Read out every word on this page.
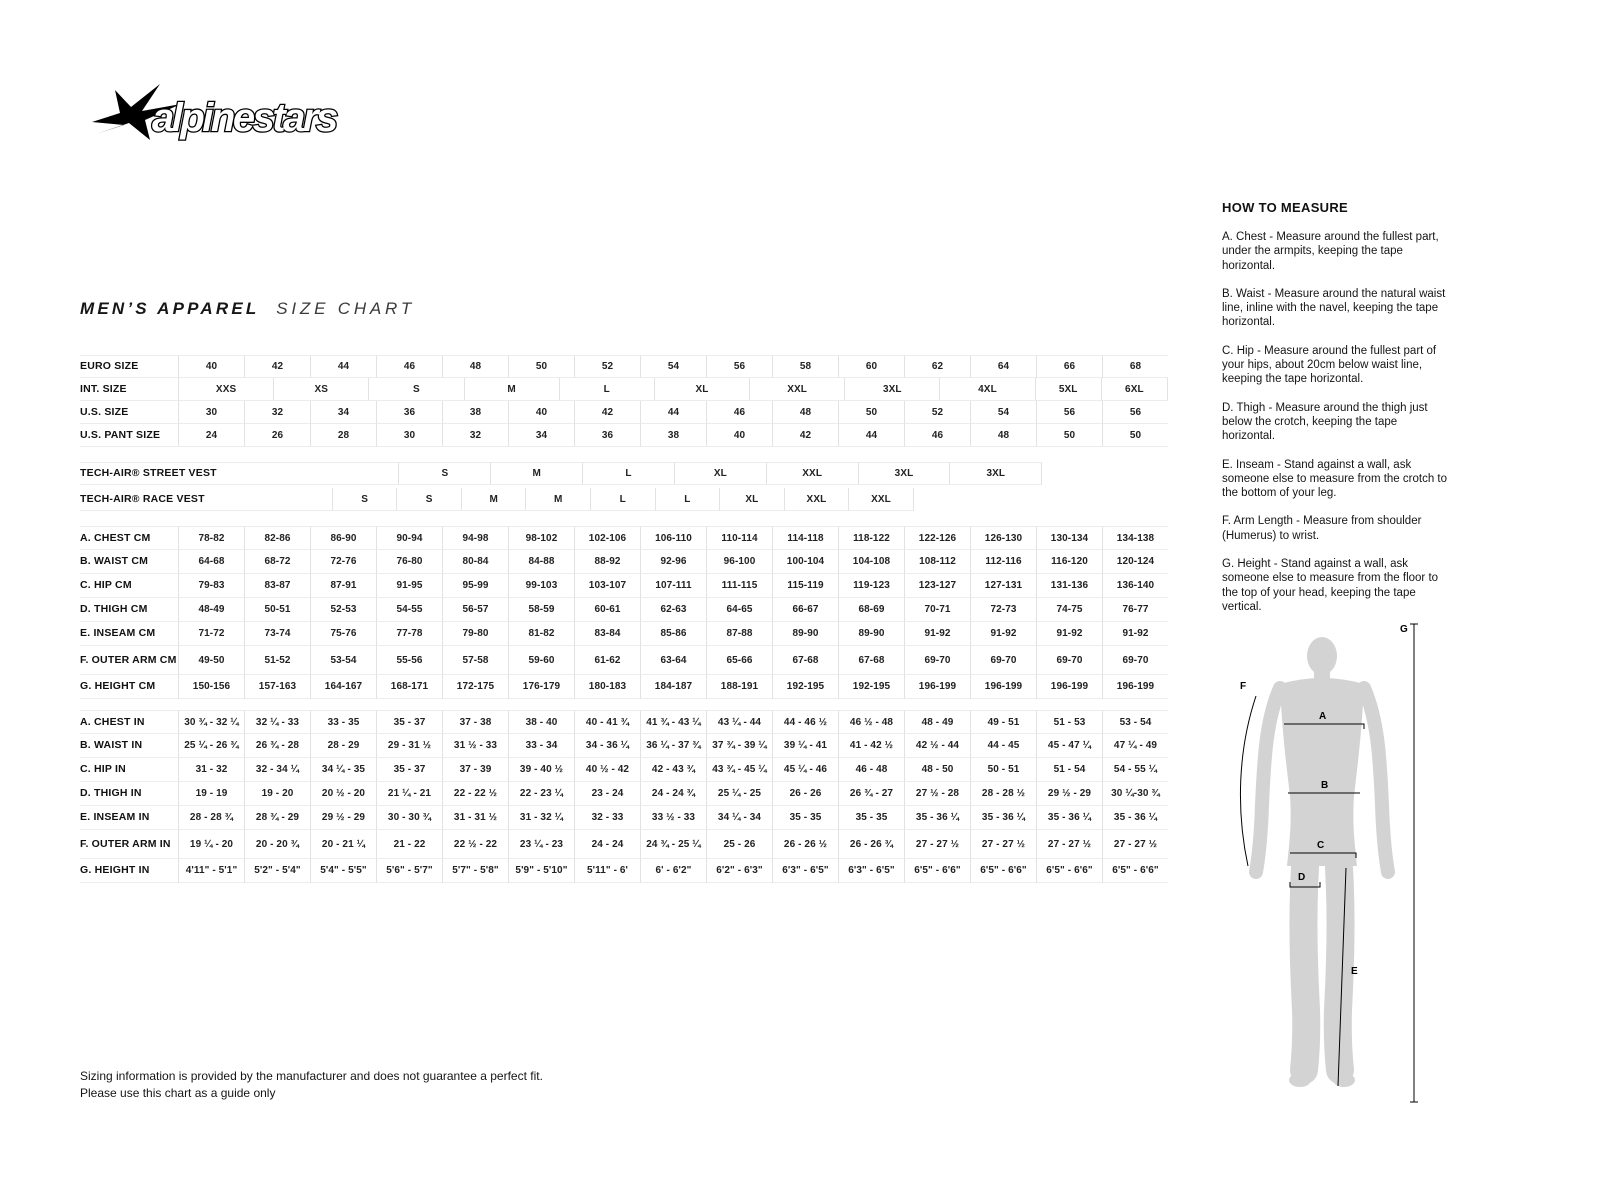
alpinestars
MEN’S APPAREL SIZE CHART
EURO SIZE	40	42	44	46	48	50	52	54	56	58	60	62	64	66	68
INT. SIZE	XXS	XS	S	M	L	XL	XXL	3XL	4XL	5XL	6XL
U.S. SIZE	30	32	34	36	38	40	42	44	46	48	50	52	54	56	56
U.S. PANT SIZE	24	26	28	30	32	34	36	38	40	42	44	46	48	50	50
TECH-AIR® STREET VEST	S	M	L	XL	XXL	3XL	3XL
TECH-AIR® RACE VEST	S	S	M	M	L	L	XL	XXL	XXL
A. CHEST CM	78-82	82-86	86-90	90-94	94-98	98-102	102-106	106-110	110-114	114-118	118-122	122-126	126-130	130-134	134-138
B. WAIST CM	64-68	68-72	72-76	76-80	80-84	84-88	88-92	92-96	96-100	100-104	104-108	108-112	112-116	116-120	120-124
C. HIP CM	79-83	83-87	87-91	91-95	95-99	99-103	103-107	107-111	111-115	115-119	119-123	123-127	127-131	131-136	136-140
D. THIGH CM	48-49	50-51	52-53	54-55	56-57	58-59	60-61	62-63	64-65	66-67	68-69	70-71	72-73	74-75	76-77
E. INSEAM CM	71-72	73-74	75-76	77-78	79-80	81-82	83-84	85-86	87-88	89-90	89-90	91-92	91-92	91-92	91-92
F. OUTER ARM CM	49-50	51-52	53-54	55-56	57-58	59-60	61-62	63-64	65-66	67-68	67-68	69-70	69-70	69-70	69-70
G. HEIGHT CM	150-156	157-163	164-167	168-171	172-175	176-179	180-183	184-187	188-191	192-195	192-195	196-199	196-199	196-199	196-199
A. CHEST IN	30 ¾ - 32 ¼	32 ¼ - 33	33 - 35	35 - 37	37 - 38	38 - 40	40 - 41 ¾	41 ¾ - 43 ¼	43 ¼ - 44	44 - 46 ½	46 ½ - 48	48 - 49	49 - 51	51 - 53	53 - 54
B. WAIST IN	25 ¼ - 26 ¾	26 ¾ - 28	28 - 29	29 - 31 ½	31 ½ - 33	33 - 34	34 - 36 ¼	36 ¼ - 37 ¾	37 ¾ - 39 ¼	39 ¼ - 41	41 - 42 ½	42 ½ - 44	44 - 45	45 - 47 ¼	47 ¼ - 49
C. HIP IN	31 - 32	32 - 34 ¼	34 ¼ - 35	35 - 37	37 - 39	39 - 40 ½	40 ½ - 42	42 - 43 ¾	43 ¾ - 45 ¼	45 ¼ - 46	46 - 48	48 - 50	50 - 51	51 - 54	54 - 55 ¼
D. THIGH IN	19 - 19	19 - 20	20 ½ - 20	21 ¼ - 21	22 - 22 ½	22 - 23 ¼	23 - 24	24 - 24 ¾	25 ¼ - 25	26 - 26	26 ¾ - 27	27 ½ - 28	28 - 28 ½	29 ½ - 29	30 ¼-30 ¾
E. INSEAM IN	28 - 28 ¾	28 ¾ - 29	29 ½ - 29	30 - 30 ¾	31 - 31 ½	31 - 32 ¼	32 - 33	33 ½ - 33	34 ¼ - 34	35 - 35	35 - 35	35 - 36 ¼	35 - 36 ¼	35 - 36 ¼	35 - 36 ¼
F. OUTER ARM IN	19 ¼ - 20	20 - 20 ¾	20 - 21 ¼	21 - 22	22 ½ - 22	23 ¼ - 23	24 - 24	24 ¾ - 25 ¼	25 - 26	26 - 26 ½	26 - 26 ¾	27 - 27 ½	27 - 27 ½	27 - 27 ½	27 - 27 ½
G. HEIGHT IN	4'11" - 5'1"	5'2" - 5'4"	5'4" - 5'5"	5'6" - 5'7"	5'7" - 5'8"	5'9" - 5'10"	5'11" - 6'	6' - 6'2"	6'2" - 6'3"	6'3" - 6'5"	6'3" - 6'5"	6'5" - 6'6"	6'5" - 6'6"	6'5" - 6'6"	6'5" - 6'6"
HOW TO MEASURE

A. Chest - Measure around the fullest part, under the armpits, keeping the tape horizontal.

B. Waist - Measure around the natural waist line, inline with the navel, keeping the tape horizontal.

C. Hip - Measure around the fullest part of your hips, about 20cm below waist line, keeping the tape horizontal.

D. Thigh - Measure around the thigh just below the crotch, keeping the tape horizontal.

E. Inseam - Stand against a wall, ask someone else to measure from the crotch to the bottom of your leg.

F. Arm Length - Measure from shoulder (Humerus) to wrist.

G. Height - Stand against a wall, ask someone else to measure from the floor to the top of your head, keeping the tape vertical.

A
B
C
D
E
F
G
Sizing information is provided by the manufacturer and does not guarantee a perfect fit.
Please use this chart as a guide only
